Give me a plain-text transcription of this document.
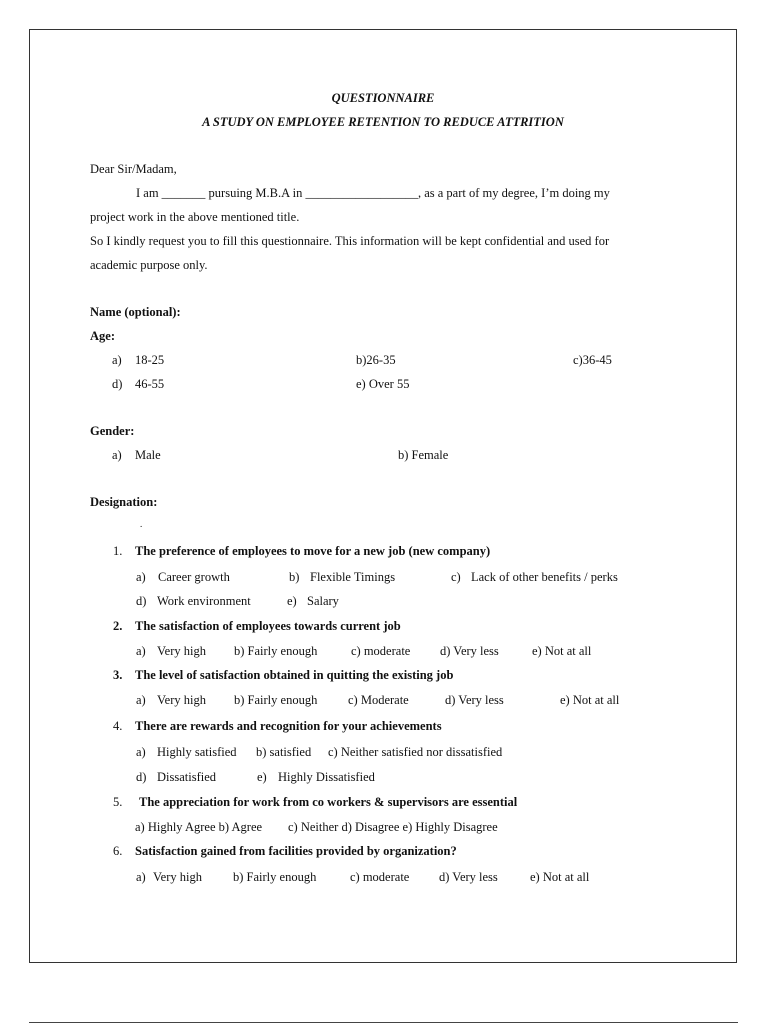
QUESTIONNAIRE
A STUDY ON EMPLOYEE RETENTION TO REDUCE ATTRITION
Dear Sir/Madam,
I am _______ pursuing M.B.A in __________________, as a part of my degree, I’m doing my
project work in the above mentioned title.
So I kindly request you to fill this questionnaire. This information will be kept confidential and used for
academic purpose only.
Name (optional):
Age:
a) 18-25	b)26-35	c)36-45
d) 46-55	e) Over 55
Gender:
a) Male	b) Female
Designation:
.
1. The preference of employees to move for a new job (new company)
a) Career growth	b) Flexible Timings	c) Lack of other benefits / perks
d) Work environment	e) Salary
2. The satisfaction of employees towards current job
a) Very high b) Fairly enough	c) moderate d) Very less	e) Not at all
3. The level of satisfaction obtained in quitting the existing job
a) Very high b) Fairly enough c) Moderate	d) Very less	e) Not at all
4. There are rewards and recognition for your achievements
a) Highly satisfied b) satisfied c) Neither satisfied nor dissatisfied
d) Dissatisfied	e) Highly Dissatisfied
5. The appreciation for work from co workers & supervisors are essential
a) Highly Agree b) Agree c) Neither d) Disagree e) Highly Disagree
6. Satisfaction gained from facilities provided by organization?
a) Very high b) Fairly enough	c) moderate d) Very less	e) Not at all
